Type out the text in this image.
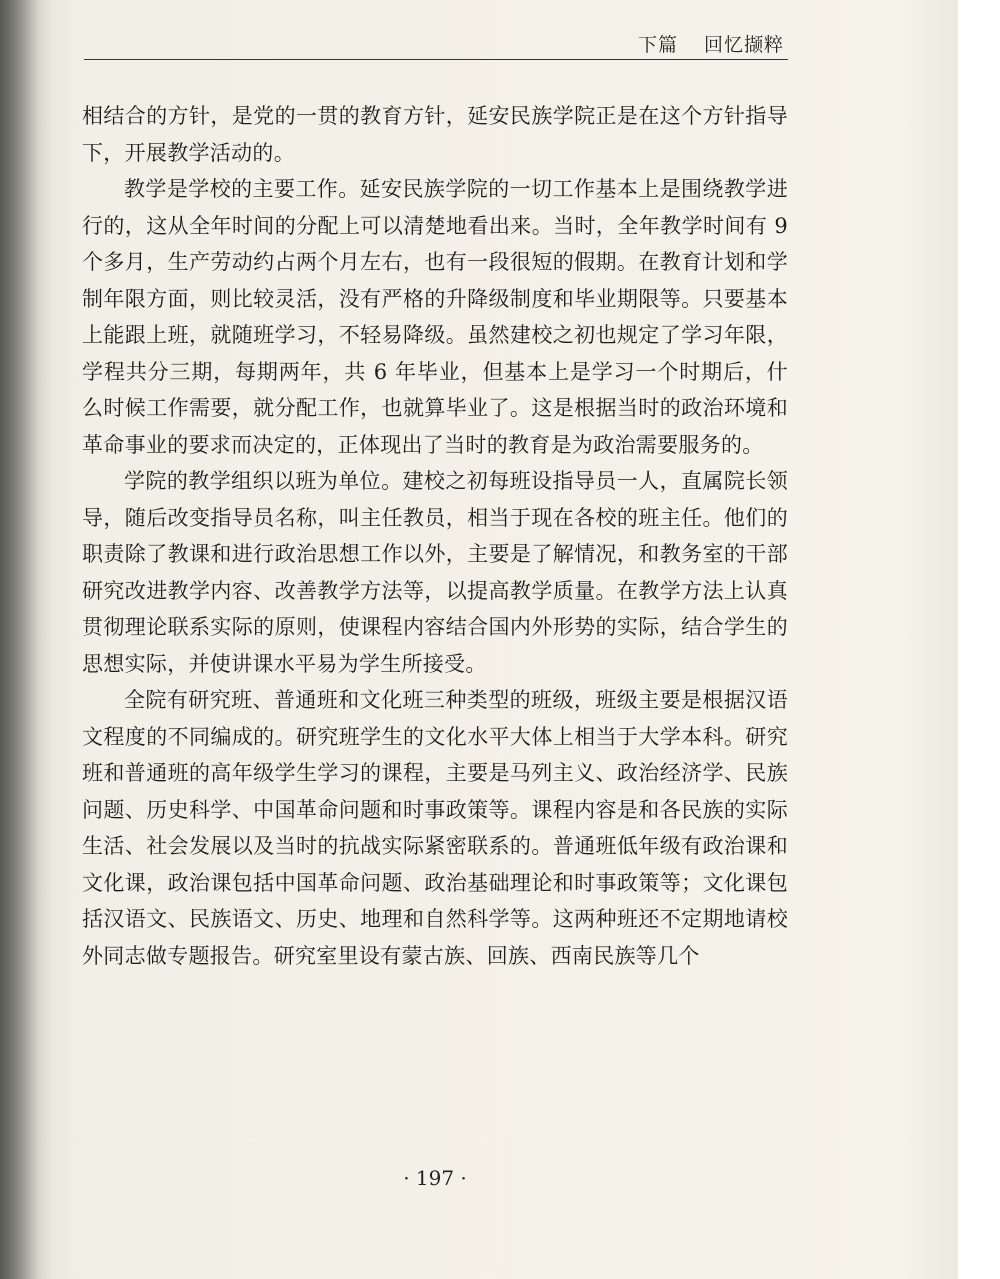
下篇 回忆撷粹

相结合的方针，是党的一贯的教育方针，延安民族学院正是在这个方针指导下，开展教学活动的。

教学是学校的主要工作。延安民族学院的一切工作基本上是围绕教学进行的，这从全年时间的分配上可以清楚地看出来。当时，全年教学时间有 9 个多月，生产劳动约占两个月左右，也有一段很短的假期。在教育计划和学制年限方面，则比较灵活，没有严格的升降级制度和毕业期限等。只要基本上能跟上班，就随班学习，不轻易降级。虽然建校之初也规定了学习年限，学程共分三期，每期两年，共 6 年毕业，但基本上是学习一个时期后，什么时候工作需要，就分配工作，也就算毕业了。这是根据当时的政治环境和革命事业的要求而决定的，正体现出了当时的教育是为政治需要服务的。

学院的教学组织以班为单位。建校之初每班设指导员一人，直属院长领导，随后改变指导员名称，叫主任教员，相当于现在各校的班主任。他们的职责除了教课和进行政治思想工作以外，主要是了解情况，和教务室的干部研究改进教学内容、改善教学方法等，以提高教学质量。在教学方法上认真贯彻理论联系实际的原则，使课程内容结合国内外形势的实际，结合学生的思想实际，并使讲课水平易为学生所接受。

全院有研究班、普通班和文化班三种类型的班级，班级主要是根据汉语文程度的不同编成的。研究班学生的文化水平大体上相当于大学本科。研究班和普通班的高年级学生学习的课程，主要是马列主义、政治经济学、民族问题、历史科学、中国革命问题和时事政策等。课程内容是和各民族的实际生活、社会发展以及当时的抗战实际紧密联系的。普通班低年级有政治课和文化课，政治课包括中国革命问题、政治基础理论和时事政策等；文化课包括汉语文、民族语文、历史、地理和自然科学等。这两种班还不定期地请校外同志做专题报告。研究室里设有蒙古族、回族、西南民族等几个

· 197 ·
